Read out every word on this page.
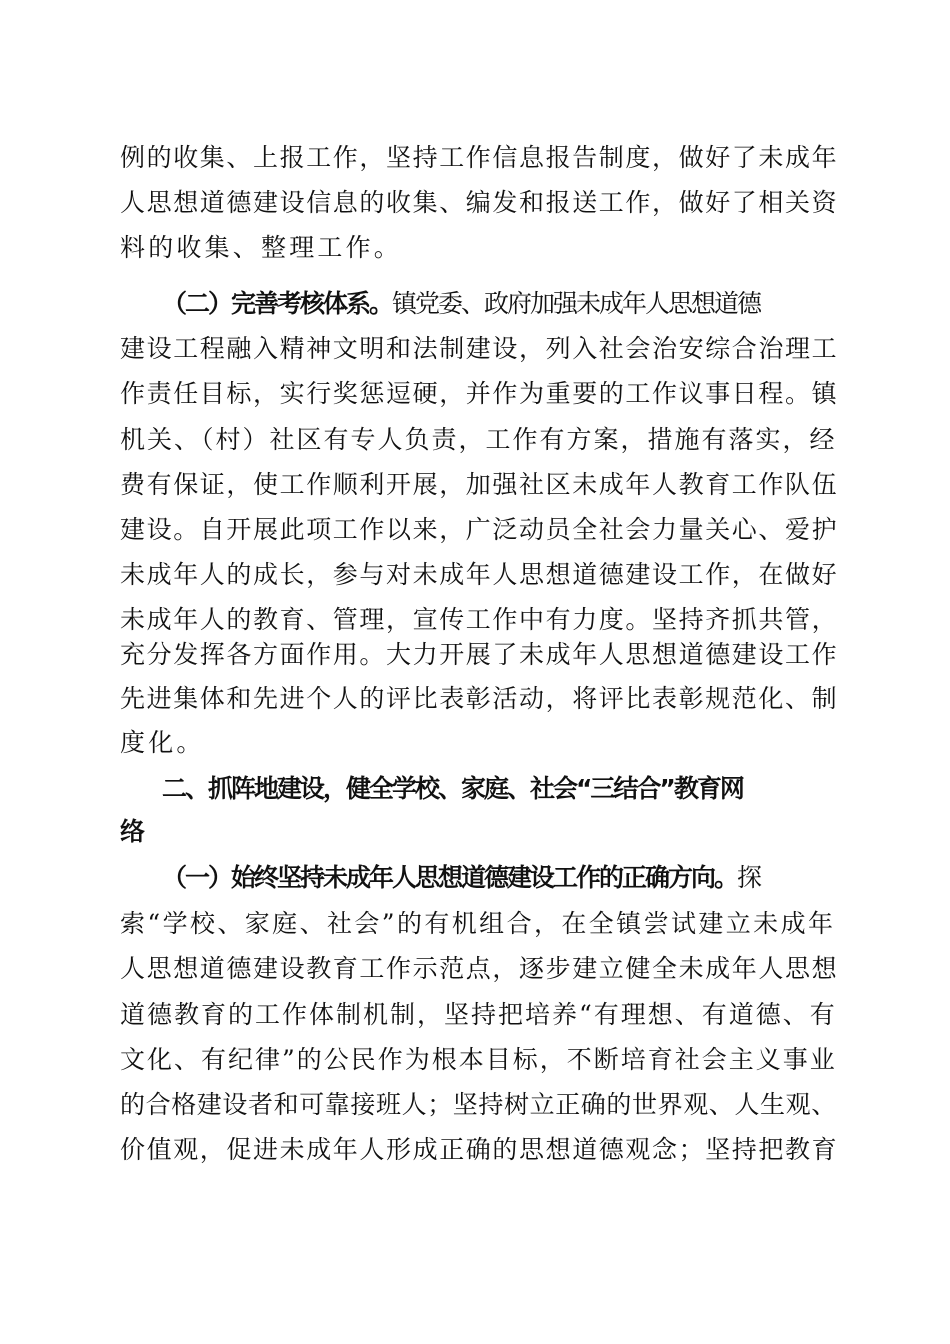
例的收集、上报工作，坚持工作信息报告制度，做好了未成年
人思想道德建设信息的收集、编发和报送工作，做好了相关资
料的收集、整理工作。
（二）完善考核体系。镇党委、政府加强未成年人思想道德
建设工程融入精神文明和法制建设，列入社会治安综合治理工
作责任目标，实行奖惩逗硬，并作为重要的工作议事日程。镇
机关、（村）社区有专人负责，工作有方案，措施有落实，经
费有保证，使工作顺利开展，加强社区未成年人教育工作队伍
建设。自开展此项工作以来，广泛动员全社会力量关心、爱护
未成年人的成长，参与对未成年人思想道德建设工作，在做好
未成年人的教育、管理，宣传工作中有力度。坚持齐抓共管，
充分发挥各方面作用。大力开展了未成年人思想道德建设工作
先进集体和先进个人的评比表彰活动，将评比表彰规范化、制
度化。
二、抓阵地建设，健全学校、家庭、社会“三结合”教育网
络
（一）始终坚持未成年人思想道德建设工作的正确方向。探
索“学校、家庭、社会”的有机组合，在全镇尝试建立未成年
人思想道德建设教育工作示范点，逐步建立健全未成年人思想
道德教育的工作体制机制，坚持把培养“有理想、有道德、有
文化、有纪律”的公民作为根本目标，不断培育社会主义事业
的合格建设者和可靠接班人；坚持树立正确的世界观、人生观、
价值观，促进未成年人形成正确的思想道德观念；坚持把教育
